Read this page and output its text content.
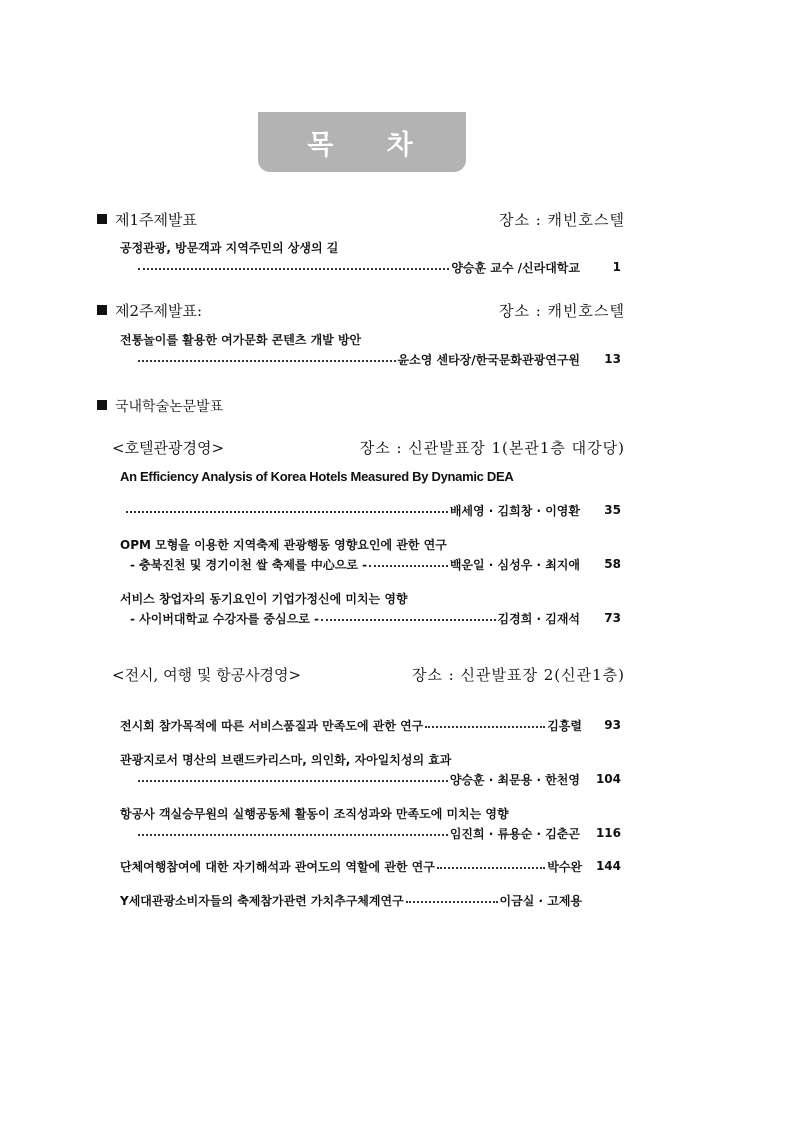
목 차
제1주제발표	장소 : 캐빈호스텔
공정관광, 방문객과 지역주민의 상생의 길
양승훈 교수 /신라대학교	1
제2주제발표:	장소 : 캐빈호스텔
전통놀이를 활용한 여가문화 콘텐츠 개발 방안
윤소영 센타장/한국문화관광연구원 13
국내학술논문발표
<호텔관광경영>	장소 : 신관발표장 1(본관1층 대강당)
An Efficiency Analysis of Korea Hotels Measured By Dynamic DEA
배세영 · 김희창 · 이영환 35
OPM 모형을 이용한 지역축제 관광행동 영향요인에 관한 연구
- 충북진천 및 경기이천 쌀 축제를 中心으로 -	백운일 · 심성우 · 최지애 58
서비스 창업자의 동기요인이 기업가정신에 미치는 영향
- 사이버대학교 수강자를 중심으로 -	김경희 · 김재석 73
<전시, 여행 및 항공사경영>	장소 : 신관발표장 2(신관1층)
전시회 참가목적에 따른 서비스품질과 만족도에 관한 연구	김흥렬 93
관광지로서 명산의 브랜드카리스마, 의인화, 자아일치성의 효과
양승훈 · 최문용 · 한천영 104
항공사 객실승무원의 실행공동체 활동이 조직성과와 만족도에 미치는 영향
임진희 · 류용순 · 김춘곤 116
단체여행참여에 대한 자기해석과 관여도의 역할에 관한 연구	박수완 144
Y세대관광소비자들의 축제참가관련 가치추구체계연구	이금실 · 고제용
